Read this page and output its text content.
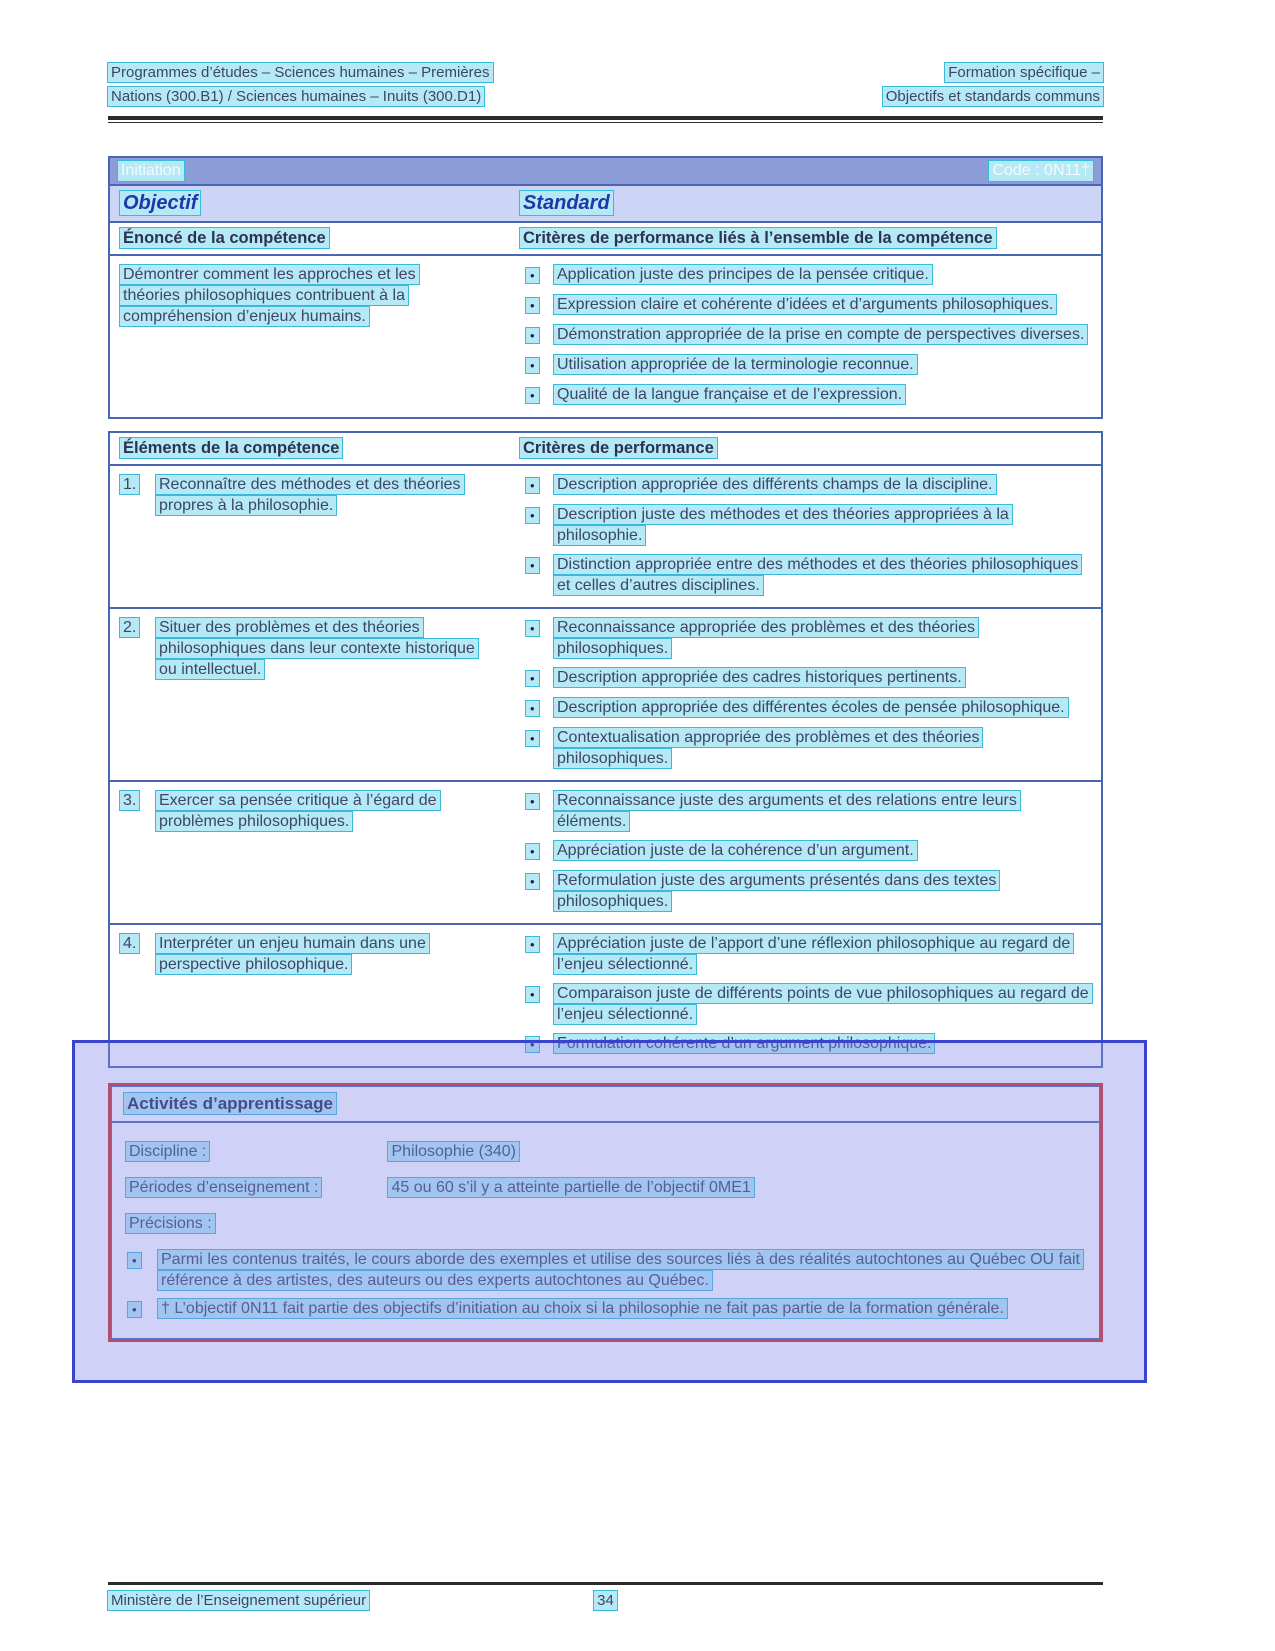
Programmes d’études – Sciences humaines – Premières
Nations (300.B1) / Sciences humaines – Inuits (300.D1)
Formation spécifique –
Objectifs et standards communs
Initiation	Code : 0N11†
Objectif	Standard
Énoncé de la compétence	Critères de performance liés à l’ensemble de la compétence
Démontrer comment les approches et les théories philosophiques contribuent à la compréhension d’enjeux humains.
•	Application juste des principes de la pensée critique.
•	Expression claire et cohérente d’idées et d’arguments philosophiques.
•	Démonstration appropriée de la prise en compte de perspectives diverses.
•	Utilisation appropriée de la terminologie reconnue.
•	Qualité de la langue française et de l’expression.
Éléments de la compétence	Critères de performance
1.	Reconnaître des méthodes et des théories propres à la philosophie.
•	Description appropriée des différents champs de la discipline.
•	Description juste des méthodes et des théories appropriées à la philosophie.
•	Distinction appropriée entre des méthodes et des théories philosophiques et celles d’autres disciplines.
2.	Situer des problèmes et des théories philosophiques dans leur contexte historique ou intellectuel.
•	Reconnaissance appropriée des problèmes et des théories philosophiques.
•	Description appropriée des cadres historiques pertinents.
•	Description appropriée des différentes écoles de pensée philosophique.
•	Contextualisation appropriée des problèmes et des théories philosophiques.
3.	Exercer sa pensée critique à l’égard de problèmes philosophiques.
•	Reconnaissance juste des arguments et des relations entre leurs éléments.
•	Appréciation juste de la cohérence d’un argument.
•	Reformulation juste des arguments présentés dans des textes philosophiques.
4.	Interpréter un enjeu humain dans une perspective philosophique.
•	Appréciation juste de l’apport d’une réflexion philosophique au regard de l’enjeu sélectionné.
•	Comparaison juste de différents points de vue philosophiques au regard de l’enjeu sélectionné.
•	Formulation cohérente d’un argument philosophique.
Activités d’apprentissage
Discipline :	Philosophie (340)
Périodes d’enseignement :	45 ou 60 s’il y a atteinte partielle de l’objectif 0ME1
Précisions :
•	Parmi les contenus traités, le cours aborde des exemples et utilise des sources liés à des réalités autochtones au Québec OU fait référence à des artistes, des auteurs ou des experts autochtones au Québec.
•	† L’objectif 0N11 fait partie des objectifs d’initiation au choix si la philosophie ne fait pas partie de la formation générale.
Ministère de l’Enseignement supérieur	34
